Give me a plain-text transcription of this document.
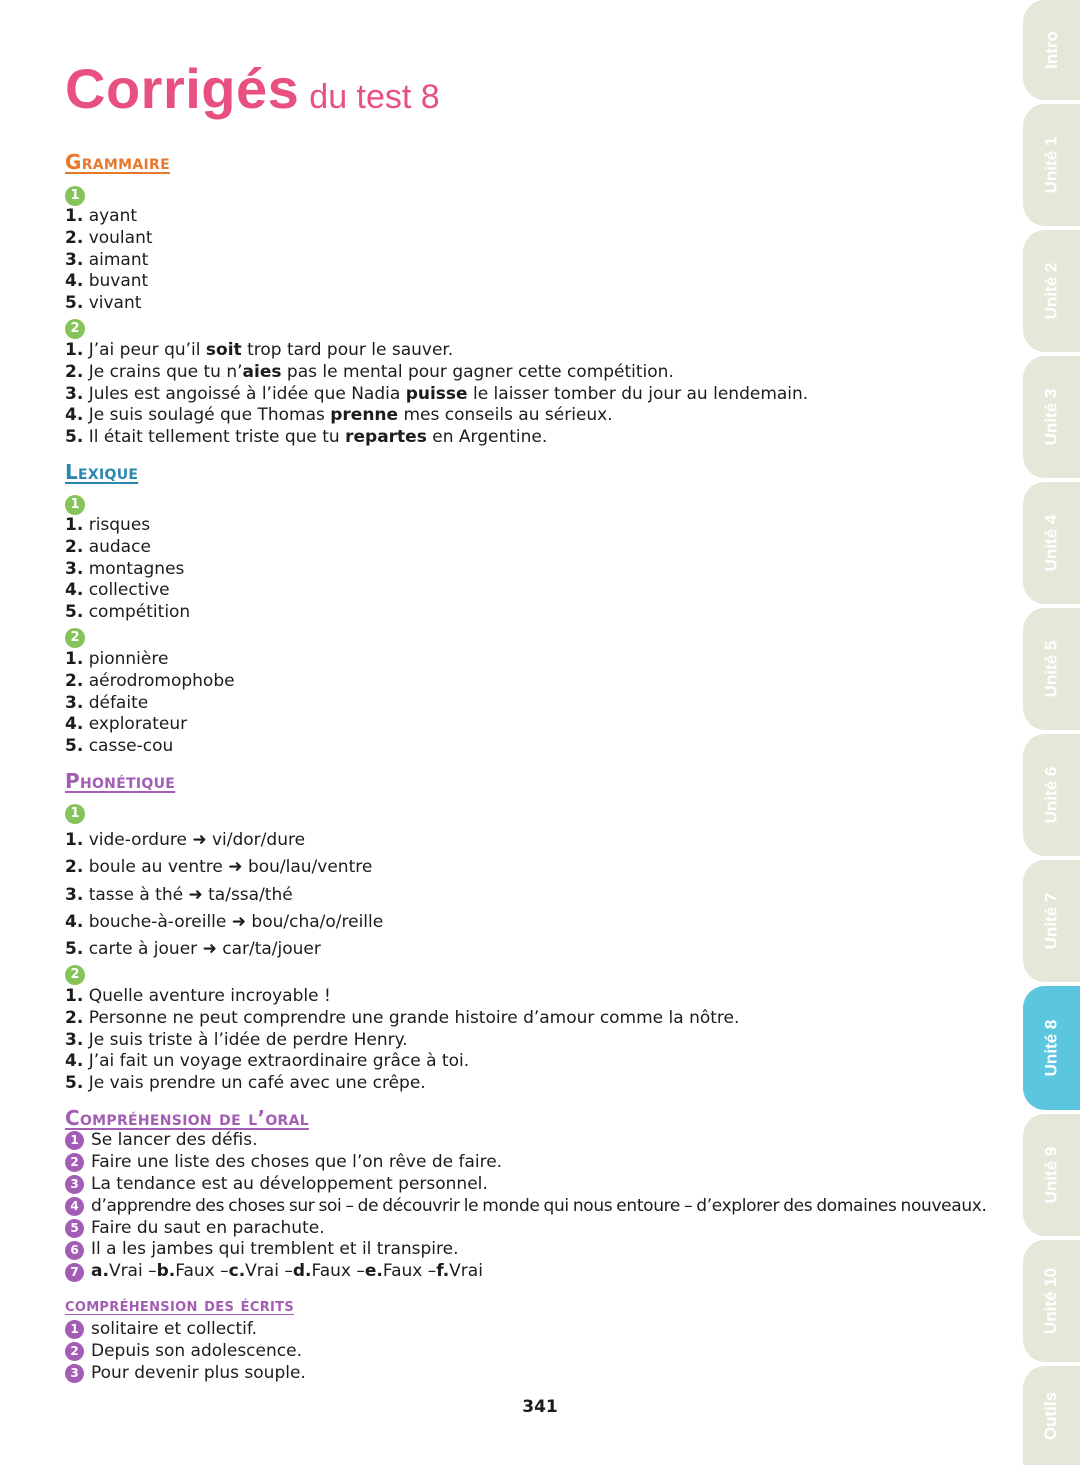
Corrigés du test 8
Grammaire
1
1. ayant
2. voulant
3. aimant
4. buvant
5. vivant
2
1. J’ai peur qu’il soit trop tard pour le sauver.
2. Je crains que tu n’aies pas le mental pour gagner cette compétition.
3. Jules est angoissé à l’idée que Nadia puisse le laisser tomber du jour au lendemain.
4. Je suis soulagé que Thomas prenne mes conseils au sérieux.
5. Il était tellement triste que tu repartes en Argentine.
Lexique
1
1. risques
2. audace
3. montagnes
4. collective
5. compétition
2
1. pionnière
2. aérodromophobe
3. défaite
4. explorateur
5. casse-cou
Phonétique
1
1. vide-ordure ➜ vi/dor/dure
2. boule au ventre ➜ bou/lau/ventre
3. tasse à thé ➜ ta/ssa/thé
4. bouche-à-oreille ➜ bou/cha/o/reille
5. carte à jouer ➜ car/ta/jouer
2
1. Quelle aventure incroyable !
2. Personne ne peut comprendre une grande histoire d’amour comme la nôtre.
3. Je suis triste à l’idée de perdre Henry.
4. J’ai fait un voyage extraordinaire grâce à toi.
5. Je vais prendre un café avec une crêpe.
Compréhension de l’oral
1 Se lancer des défis.
2 Faire une liste des choses que l’on rêve de faire.
3 La tendance est au développement personnel.
4 d’apprendre des choses sur soi – de découvrir le monde qui nous entoure – d’explorer des domaines nouveaux.
5 Faire du saut en parachute.
6 Il a les jambes qui tremblent et il transpire.
7 a. Vrai – b. Faux – c. Vrai – d. Faux – e. Faux – f. Vrai
compréhension des écrits
1 solitaire et collectif.
2 Depuis son adolescence.
3 Pour devenir plus souple.
341
Intro
Unité 1
Unité 2
Unité 3
Unité 4
Unité 5
Unité 6
Unité 7
Unité 8
Unité 9
Unité 10
Outils
